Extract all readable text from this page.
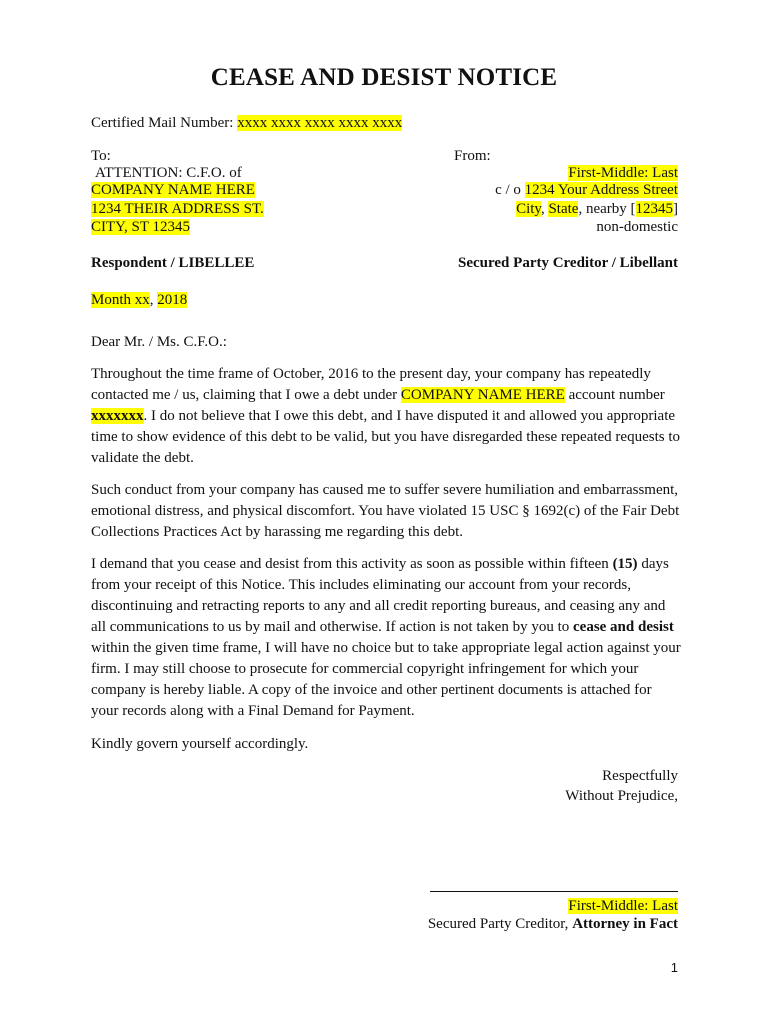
CEASE AND DESIST NOTICE
Certified Mail Number: xxxx xxxx xxxx xxxx xxxx
To:
ATTENTION: C.F.O. of
COMPANY NAME HERE
1234 THEIR ADDRESS ST.
CITY, ST 12345
Respondent / LIBELLEE
From:
First-Middle: Last
c / o 1234 Your Address Street
City, State, nearby [12345]
non-domestic
Secured Party Creditor / Libellant
Month xx, 2018
Dear Mr. / Ms. C.F.O.:
Throughout the time frame of October, 2016 to the present day, your company has repeatedly contacted me / us, claiming that I owe a debt under COMPANY NAME HERE account number xxxxxxx. I do not believe that I owe this debt, and I have disputed it and allowed you appropriate time to show evidence of this debt to be valid, but you have disregarded these repeated requests to validate the debt.
Such conduct from your company has caused me to suffer severe humiliation and embarrassment, emotional distress, and physical discomfort. You have violated 15 USC § 1692(c) of the Fair Debt Collections Practices Act by harassing me regarding this debt.
I demand that you cease and desist from this activity as soon as possible within fifteen (15) days from your receipt of this Notice. This includes eliminating our account from your records, discontinuing and retracting reports to any and all credit reporting bureaus, and ceasing any and all communications to us by mail and otherwise. If action is not taken by you to cease and desist within the given time frame, I will have no choice but to take appropriate legal action against your firm. I may still choose to prosecute for commercial copyright infringement for which your company is hereby liable. A copy of the invoice and other pertinent documents is attached for your records along with a Final Demand for Payment.
Kindly govern yourself accordingly.
Respectfully
Without Prejudice,
First-Middle: Last
Secured Party Creditor, Attorney in Fact
1
